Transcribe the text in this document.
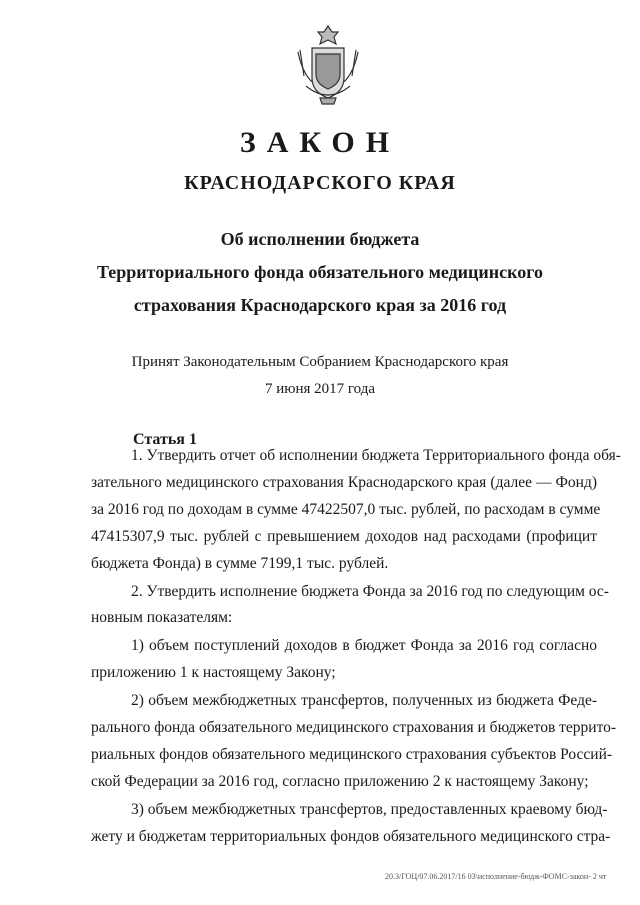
ЗАКОН
КРАСНОДАРСКОГО КРАЯ
Об исполнении бюджета
Территориального фонда обязательного медицинского
страхования Краснодарского края за 2016 год
Принят Законодательным Собранием Краснодарского края
7 июня 2017 года
Статья 1
1. Утвердить отчет об исполнении бюджета Территориального фонда обя-
зательного медицинского страхования Краснодарского края (далее — Фонд)
за 2016 год по доходам в сумме 47422507,0 тыс. рублей, по расходам в сумме
47415307,9 тыс. рублей с превышением доходов над расходами (профицит
бюджета Фонда) в сумме 7199,1 тыс. рублей.
2. Утвердить исполнение бюджета Фонда за 2016 год по следующим ос-
новным показателям:
1) объем поступлений доходов в бюджет Фонда за 2016 год согласно
приложению 1 к настоящему Закону;
2) объем межбюджетных трансфертов, полученных из бюджета Феде-
рального фонда обязательного медицинского страхования и бюджетов террито-
риальных фондов обязательного медицинского страхования субъектов Россий-
ской Федерации за 2016 год, согласно приложению 2 к настоящему Закону;
3) объем межбюджетных трансфертов, предоставленных краевому бюд-
жету и бюджетам территориальных фондов обязательного медицинского стра-
20.3/ГОЦ/07.06.2017/16 03\исполнение-бюдж-ФОМС-закон- 2 чт
